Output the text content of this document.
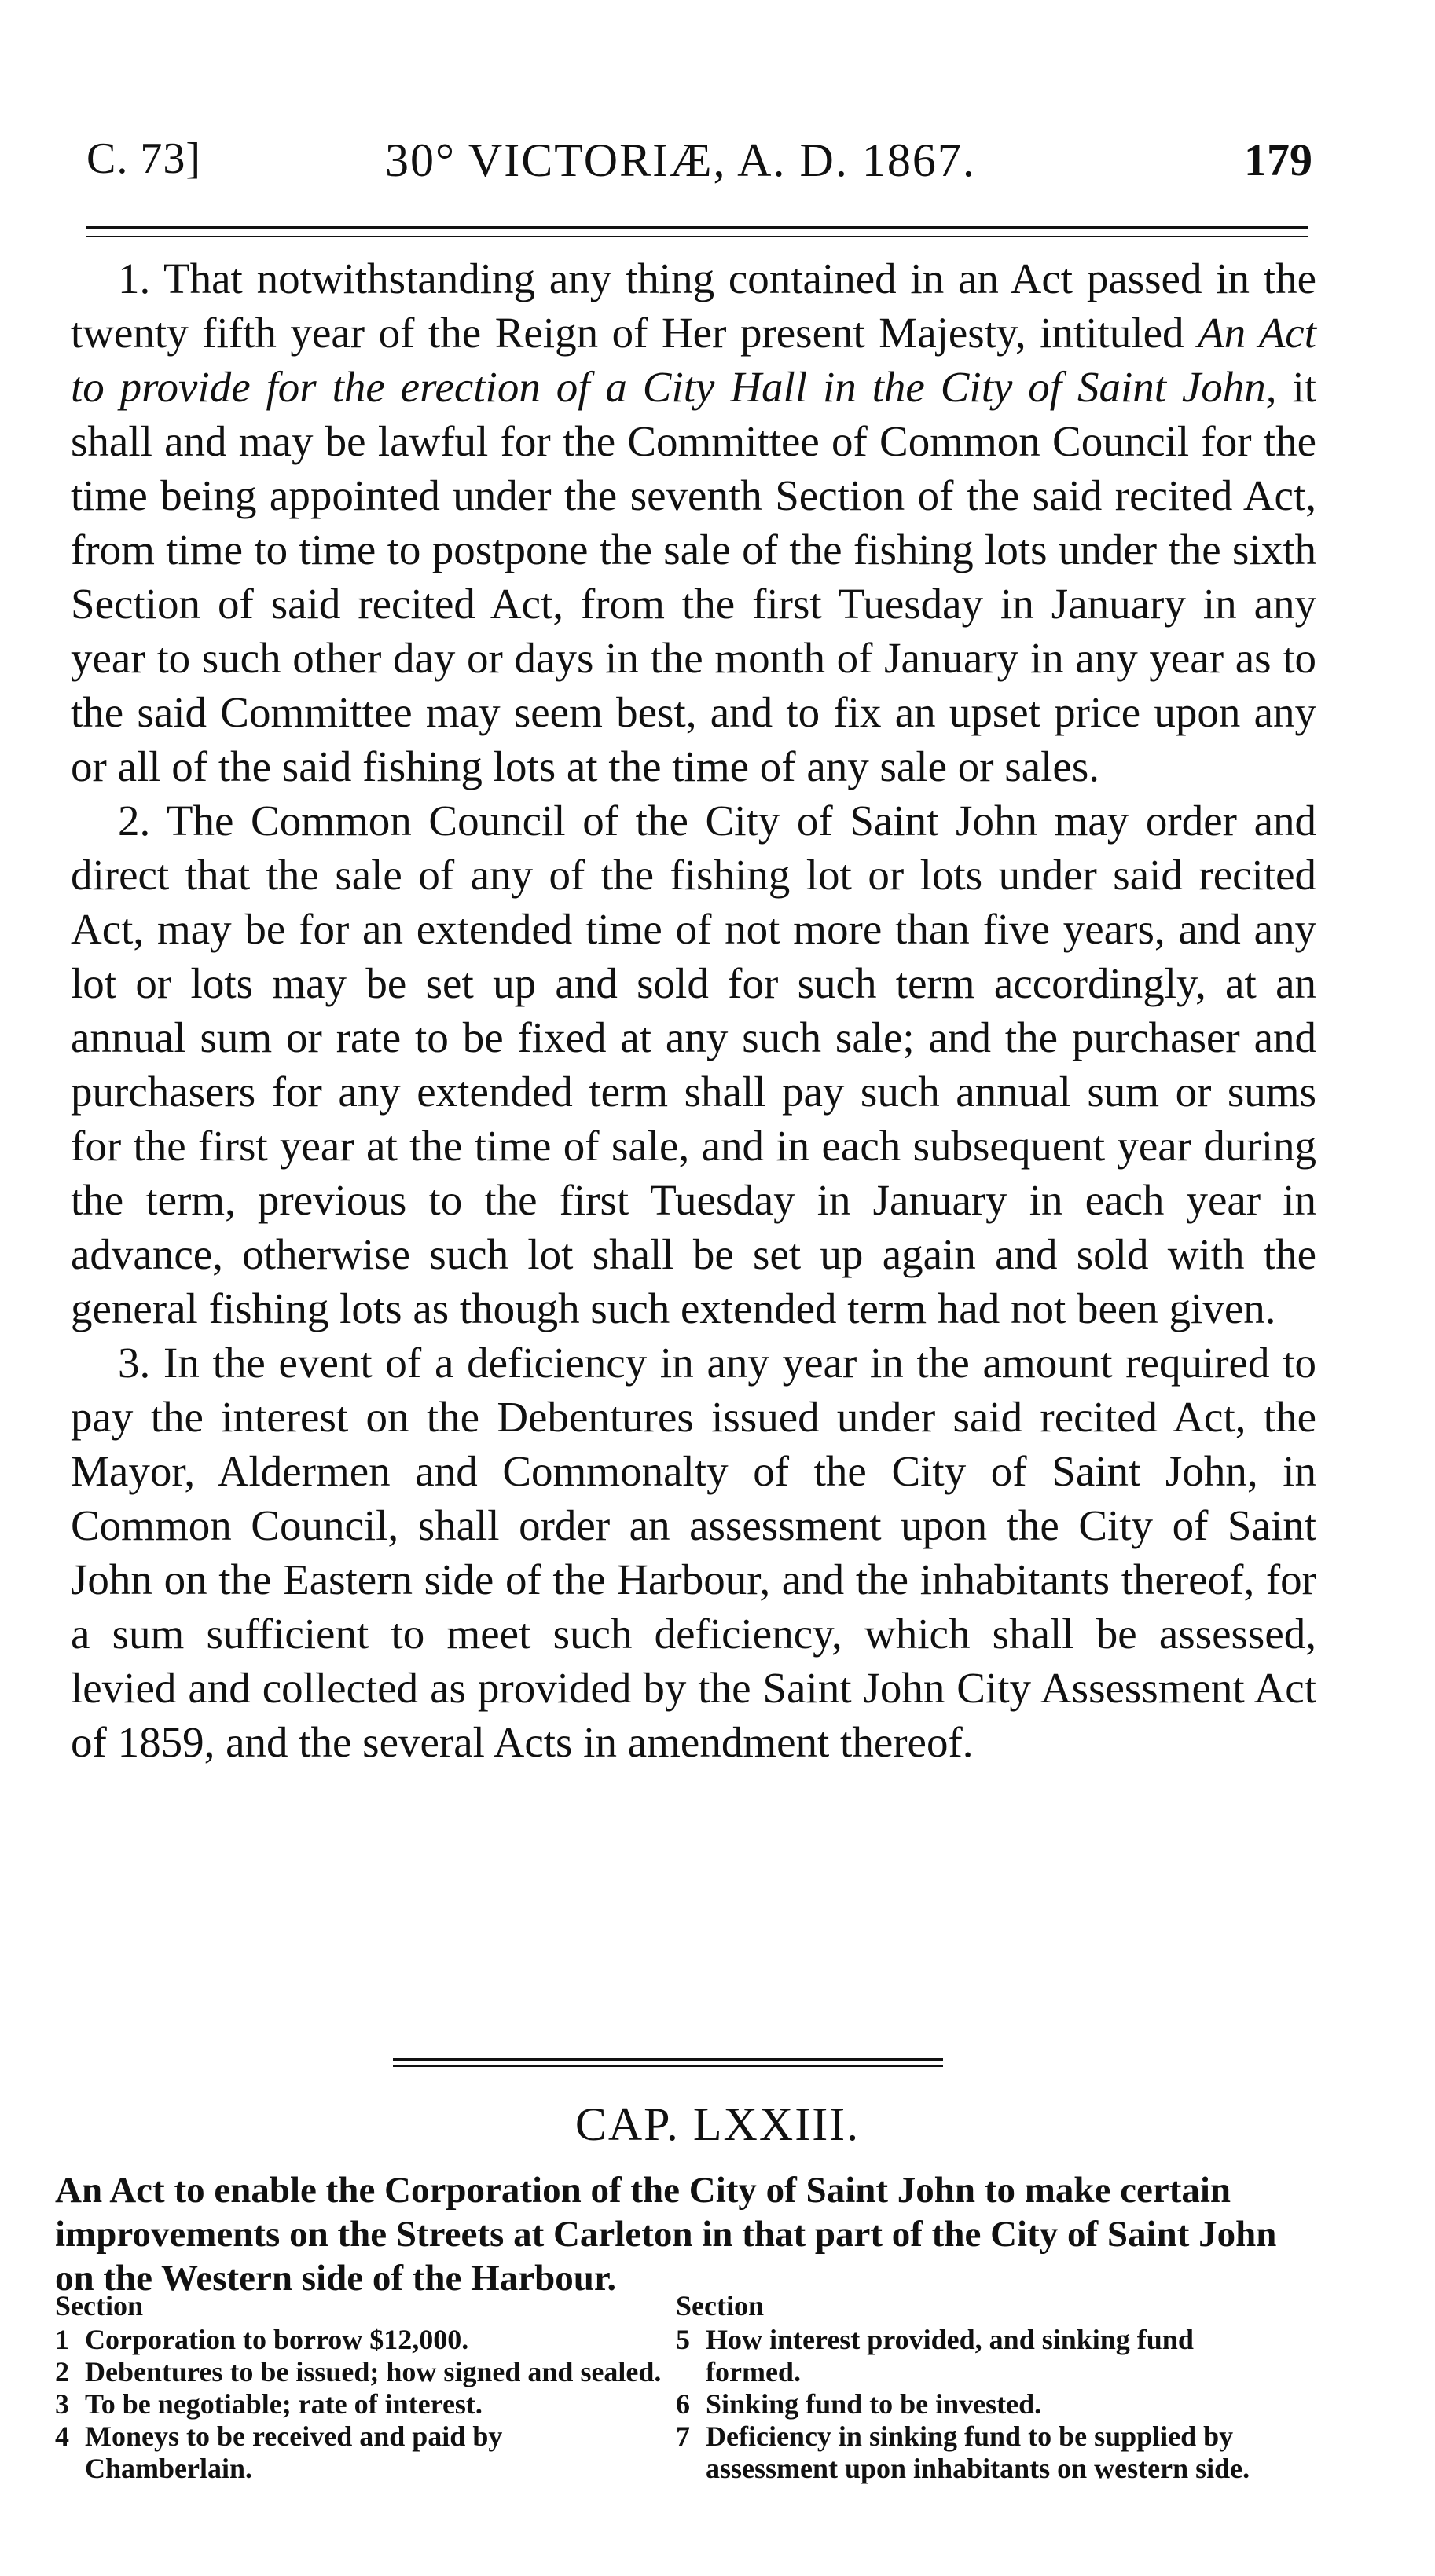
C. 73]	30° VICTORIÆ, A. D. 1867.	179

1. That notwithstanding any thing contained in an Act passed in the twenty fifth year of the Reign of Her present Majesty, intituled An Act to provide for the erection of a City Hall in the City of Saint John, it shall and may be lawful for the Committee of Common Council for the time being appointed under the seventh Section of the said recited Act, from time to time to postpone the sale of the fishing lots under the sixth Section of said recited Act, from the first Tuesday in January in any year to such other day or days in the month of January in any year as to the said Committee may seem best, and to fix an upset price upon any or all of the said fishing lots at the time of any sale or sales.

2. The Common Council of the City of Saint John may order and direct that the sale of any of the fishing lot or lots under said recited Act, may be for an extended time of not more than five years, and any lot or lots may be set up and sold for such term accordingly, at an annual sum or rate to be fixed at any such sale; and the purchaser and purchasers for any extended term shall pay such annual sum or sums for the first year at the time of sale, and in each subsequent year during the term, previous to the first Tuesday in January in each year in advance, otherwise such lot shall be set up again and sold with the general fishing lots as though such extended term had not been given.

3. In the event of a deficiency in any year in the amount required to pay the interest on the Debentures issued under said recited Act, the Mayor, Aldermen and Commonalty of the City of Saint John, in Common Council, shall order an assessment upon the City of Saint John on the Eastern side of the Harbour, and the inhabitants thereof, for a sum sufficient to meet such deficiency, which shall be assessed, levied and collected as provided by the Saint John City Assessment Act of 1859, and the several Acts in amendment thereof.

CAP. LXXIII.
An Act to enable the Corporation of the City of Saint John to make certain improvements on the Streets at Carleton in that part of the City of Saint John on the Western side of the Harbour.
Section
1 Corporation to borrow $12,000.
2 Debentures to be issued; how signed and sealed.
3 To be negotiable; rate of interest.
4 Moneys to be received and paid by Chamberlain.
Section
5 How interest provided, and sinking fund formed.
6 Sinking fund to be invested.
7 Deficiency in sinking fund to be supplied by assessment upon inhabitants on western side.
